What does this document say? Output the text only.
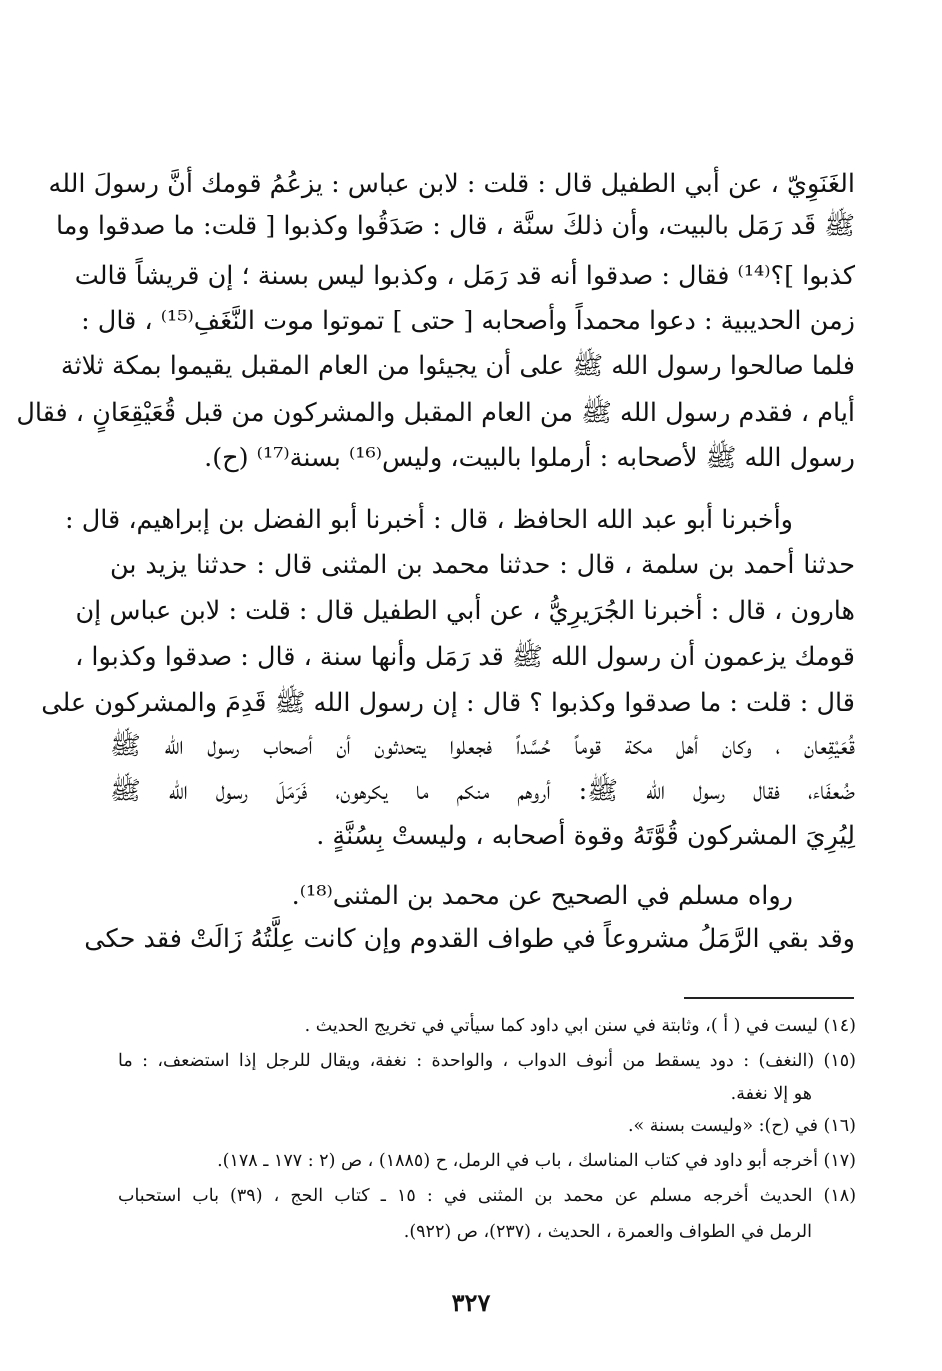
الغَنَوِيّ ، عن أبي الطفيل قال : قلت : لابن عباس : يزعُمُ قومك أنَّ رسولَ الله
ﷺ قَد رَمَل بالبيت، وأن ذلكَ سنَّة ، قال : صَدَقُوا وكذبوا [ قلت: ما صدقوا وما
كذبوا ]؟⁽¹⁴⁾ فقال : صدقوا أنه قد رَمَل ، وكذبوا ليس بسنة ؛ إن قريشاً قالت
زمن الحديبية : دعوا محمداً وأصحابه [ حتى ] تموتوا موت النَّغَفِ⁽¹⁵⁾ ، قال :
فلما صالحوا رسول الله ﷺ على أن يجيئوا من العام المقبل يقيموا بمكة ثلاثة
أيام ، فقدم رسول الله ﷺ من العام المقبل والمشركون من قبل قُعَيْقِعَانٍ ، فقال
رسول الله ﷺ لأصحابه : أرملوا بالبيت، وليس⁽¹⁶⁾ بسنة⁽¹⁷⁾ (ح).
وأخبرنا أبو عبد الله الحافظ ، قال : أخبرنا أبو الفضل بن إبراهيم، قال :
حدثنا أحمد بن سلمة ، قال : حدثنا محمد بن المثنى قال : حدثنا يزيد بن
هارون ، قال : أخبرنا الجُرَيرِيُّ ، عن أبي الطفيل قال : قلت : لابن عباس إن
قومك يزعمون أن رسول الله ﷺ قد رَمَل وأنها سنة ، قال : صدقوا وكذبوا ،
قال : قلت : ما صدقوا وكذبوا ؟ قال : إن رسول الله ﷺ قَدِمَ والمشركون على
قُعَيْقِعان ، وكان أهل مكة قوماً حُسَّداً فجعلوا يتحدثون أن أصحاب رسول الله ﷺ
ضُعفَاء، فقال رسول الله ﷺ: أروهم منكم ما يكرهون، فَرَمَلَ رسول الله ﷺ
لِيُرِيَ المشركون قُوَّتَهُ وقوة أصحابه ، وليستْ بِسُنَّةٍ .
رواه مسلم في الصحيح عن محمد بن المثنى⁽¹⁸⁾.
وقد بقي الرَّمَلُ مشروعاً في طواف القدوم وإن كانت عِلَّتُهُ زَالَتْ فقد حكى
(١٤) ليست في ( أ )، وثابتة في سنن ابي داود كما سيأتي في تخريج الحديث .
(١٥) (النغف) : دود يسقط من أنوف الدواب ، والواحدة : نغفة، ويقال للرجل إذا استضعف، : ما
هو إلا نغفة.
(١٦) في (ح): «وليست بسنة ».
(١٧) أخرجه أبو داود في كتاب المناسك ، باب في الرمل، ح (١٨٨٥) ، ص (٢ : ١٧٧ ـ ١٧٨).
(١٨) الحديث أخرجه مسلم عن محمد بن المثنى في : ١٥ ـ كتاب الحج ، (٣٩) باب استحباب
الرمل في الطواف والعمرة ، الحديث ، (٢٣٧)، ص (٩٢٢).
٣٢٧
